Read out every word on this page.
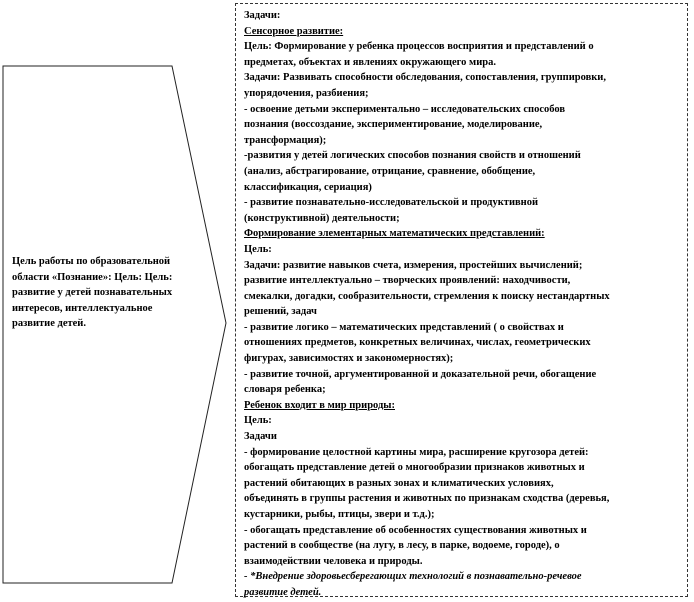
Цель работы по образовательной области «Познание»: Цель: Цель: развитие у детей познавательных интересов, интеллектуальное развитие детей.
Задачи:
Сенсорное развитие:
Цель: Формирование у ребенка процессов восприятия и представлений о
предметах, объектах и явлениях окружающего мира.
Задачи: Развивать способности обследования, сопоставления, группировки,
упорядочения, разбиения;
- освоение детьми экспериментально – исследовательских способов
познания (воссоздание, экспериментирование, моделирование,
трансформация);
-развития у детей логических способов познания свойств и отношений
(анализ, абстрагирование, отрицание, сравнение, обобщение,
классификация, сериация)
- развитие познавательно-исследовательской и продуктивной
(конструктивной) деятельности;
Формирование элементарных математических представлений:
Цель:
Задачи: развитие навыков счета, измерения, простейших вычислений;
развитие интеллектуально – творческих проявлений: находчивости,
смекалки, догадки, сообразительности, стремления к поиску нестандартных
решений, задач
- развитие логико – математических представлений ( о свойствах и
отношениях предметов, конкретных величинах, числах, геометрических
фигурах, зависимостях и закономерностях);
- развитие точной, аргументированной и доказательной речи, обогащение
словаря ребенка;
Ребенок входит в мир природы:
Цель:
Задачи
- формирование целостной картины мира, расширение кругозора детей:
обогащать представление детей о многообразии признаков животных и
растений обитающих в разных зонах и климатических условиях,
объединять в группы растения и животных по признакам сходства (деревья,
кустарники, рыбы, птицы, звери и т.д.);
- обогащать представление об особенностях существования животных и
растений в сообществе (на лугу, в лесу, в парке, водоеме, городе), о
взаимодействии человека и природы.
- *Внедрение здоровьесберегающих технологий в познавательно-речевое
развитие детей.
